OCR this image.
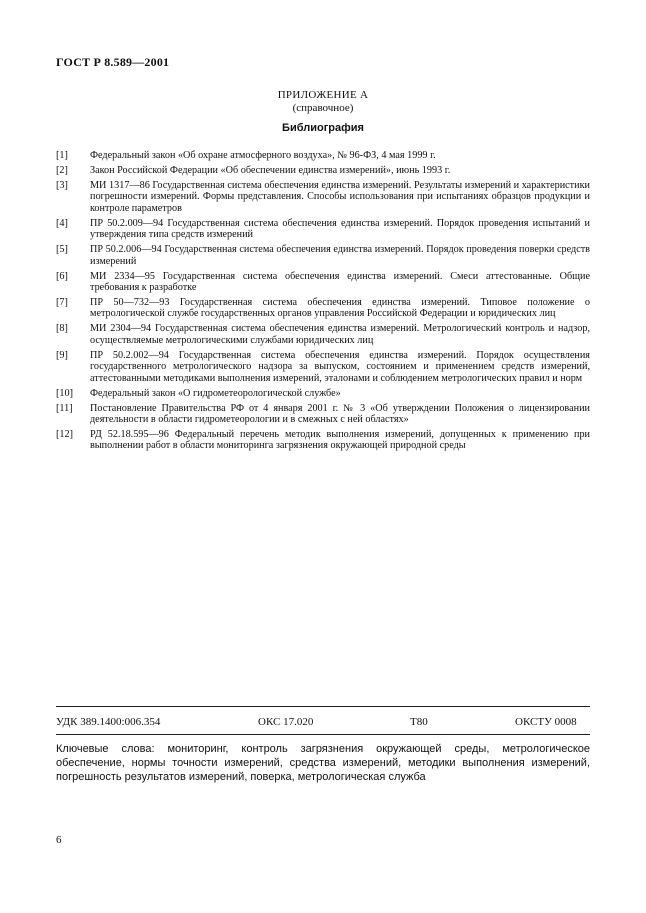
ГОСТ Р 8.589—2001
ПРИЛОЖЕНИЕ А
(справочное)
Библиография
[1]	Федеральный закон «Об охране атмосферного воздуха», № 96-ФЗ, 4 мая 1999 г.
[2]	Закон Российской Федерации «Об обеспечении единства измерений», июнь 1993 г.
[3]	МИ 1317—86 Государственная система обеспечения единства измерений. Результаты измерений и характеристики погрешности измерений. Формы представления. Способы использования при испытаниях образцов продукции и контроле параметров
[4]	ПР 50.2.009—94 Государственная система обеспечения единства измерений. Порядок проведения испытаний и утверждения типа средств измерений
[5]	ПР 50.2.006—94 Государственная система обеспечения единства измерений. Порядок проведения поверки средств измерений
[6]	МИ 2334—95 Государственная система обеспечения единства измерений. Смеси аттестованные. Общие требования к разработке
[7]	ПР 50—732—93 Государственная система обеспечения единства измерений. Типовое положение о метрологической службе государственных органов управления Российской Федерации и юридических лиц
[8]	МИ 2304—94 Государственная система обеспечения единства измерений. Метрологический контроль и надзор, осуществляемые метрологическими службами юридических лиц
[9]	ПР 50.2.002—94 Государственная система обеспечения единства измерений. Порядок осуществления государственного метрологического надзора за выпуском, состоянием и применением средств измерений, аттестованными методиками выполнения измерений, эталонами и соблюдением метрологических правил и норм
[10]	Федеральный закон «О гидрометеорологической службе»
[11]	Постановление Правительства РФ от 4 января 2001 г. № 3 «Об утверждении Положения о лицензировании деятельности в области гидрометеорологии и в смежных с ней областях»
[12]	РД 52.18.595—96 Федеральный перечень методик выполнения измерений, допущенных к применению при выполнении работ в области мониторинга загрязнения окружающей природной среды
УДК 389.1400:006.354	ОКС 17.020	Т80	ОКСТУ 0008
Ключевые слова: мониторинг, контроль загрязнения окружающей среды, метрологическое обеспечение, нормы точности измерений, средства измерений, методики выполнения измерений, погрешность результатов измерений, поверка, метрологическая служба
6
